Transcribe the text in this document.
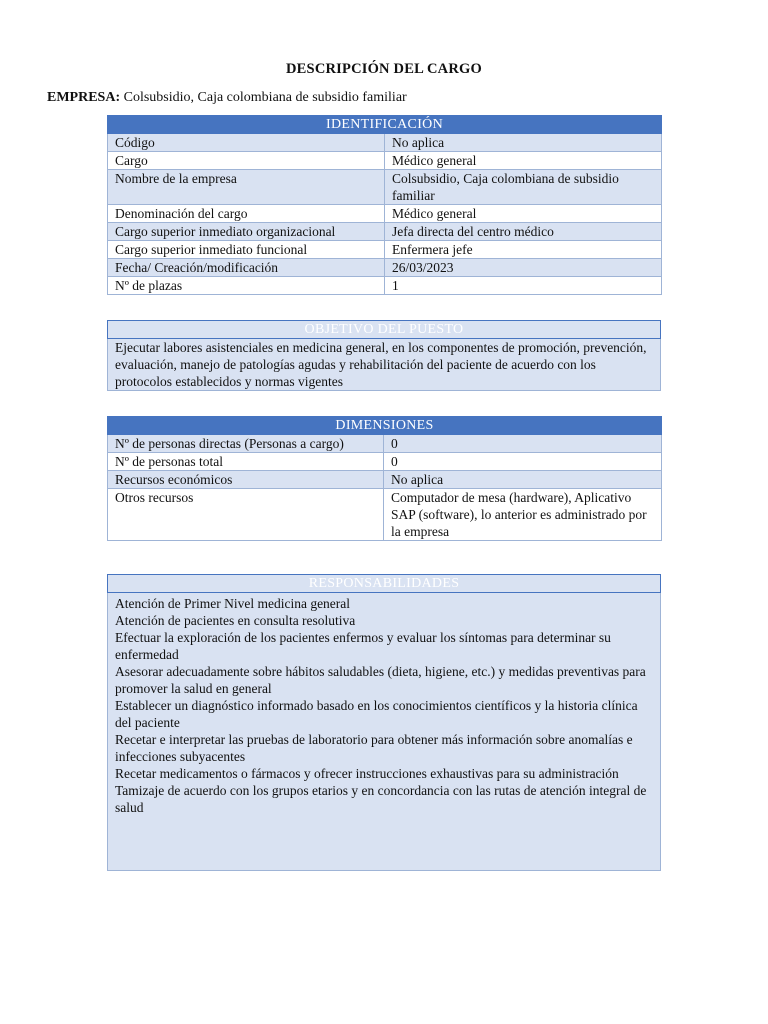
DESCRIPCIÓN DEL CARGO
EMPRESA: Colsubsidio, Caja colombiana de subsidio familiar
IDENTIFICACIÓN	
Código	No aplica
Cargo	Médico general
Nombre de la empresa	Colsubsidio, Caja colombiana de subsidio familiar
Denominación del cargo	Médico general
Cargo superior inmediato organizacional	Jefa directa del centro médico
Cargo superior inmediato funcional	Enfermera jefe
Fecha/ Creación/modificación	26/03/2023
Nº de plazas	1
OBJETIVO DEL PUESTO
Ejecutar labores asistenciales en medicina general, en los componentes de promoción, prevención, evaluación, manejo de patologías agudas y rehabilitación del paciente de acuerdo con los protocolos establecidos y normas vigentes
DIMENSIONES	
Nº de personas directas (Personas a cargo)	0
Nº de personas total	0
Recursos económicos	No aplica
Otros recursos	Computador de mesa (hardware), Aplicativo SAP (software), lo anterior es administrado por la empresa
RESPONSABILIDADES

Atención de Primer Nivel medicina general
Atención de pacientes en consulta resolutiva
Efectuar la exploración de los pacientes enfermos y evaluar los síntomas para determinar su enfermedad
Asesorar adecuadamente sobre hábitos saludables (dieta, higiene, etc.) y medidas preventivas para promover la salud en general
Establecer un diagnóstico informado basado en los conocimientos científicos y la historia clínica del paciente
Recetar e interpretar las pruebas de laboratorio para obtener más información sobre anomalías e infecciones subyacentes
Recetar medicamentos o fármacos y ofrecer instrucciones exhaustivas para su administración
Tamizaje de acuerdo con los grupos etarios y en concordancia con las rutas de atención integral de salud
